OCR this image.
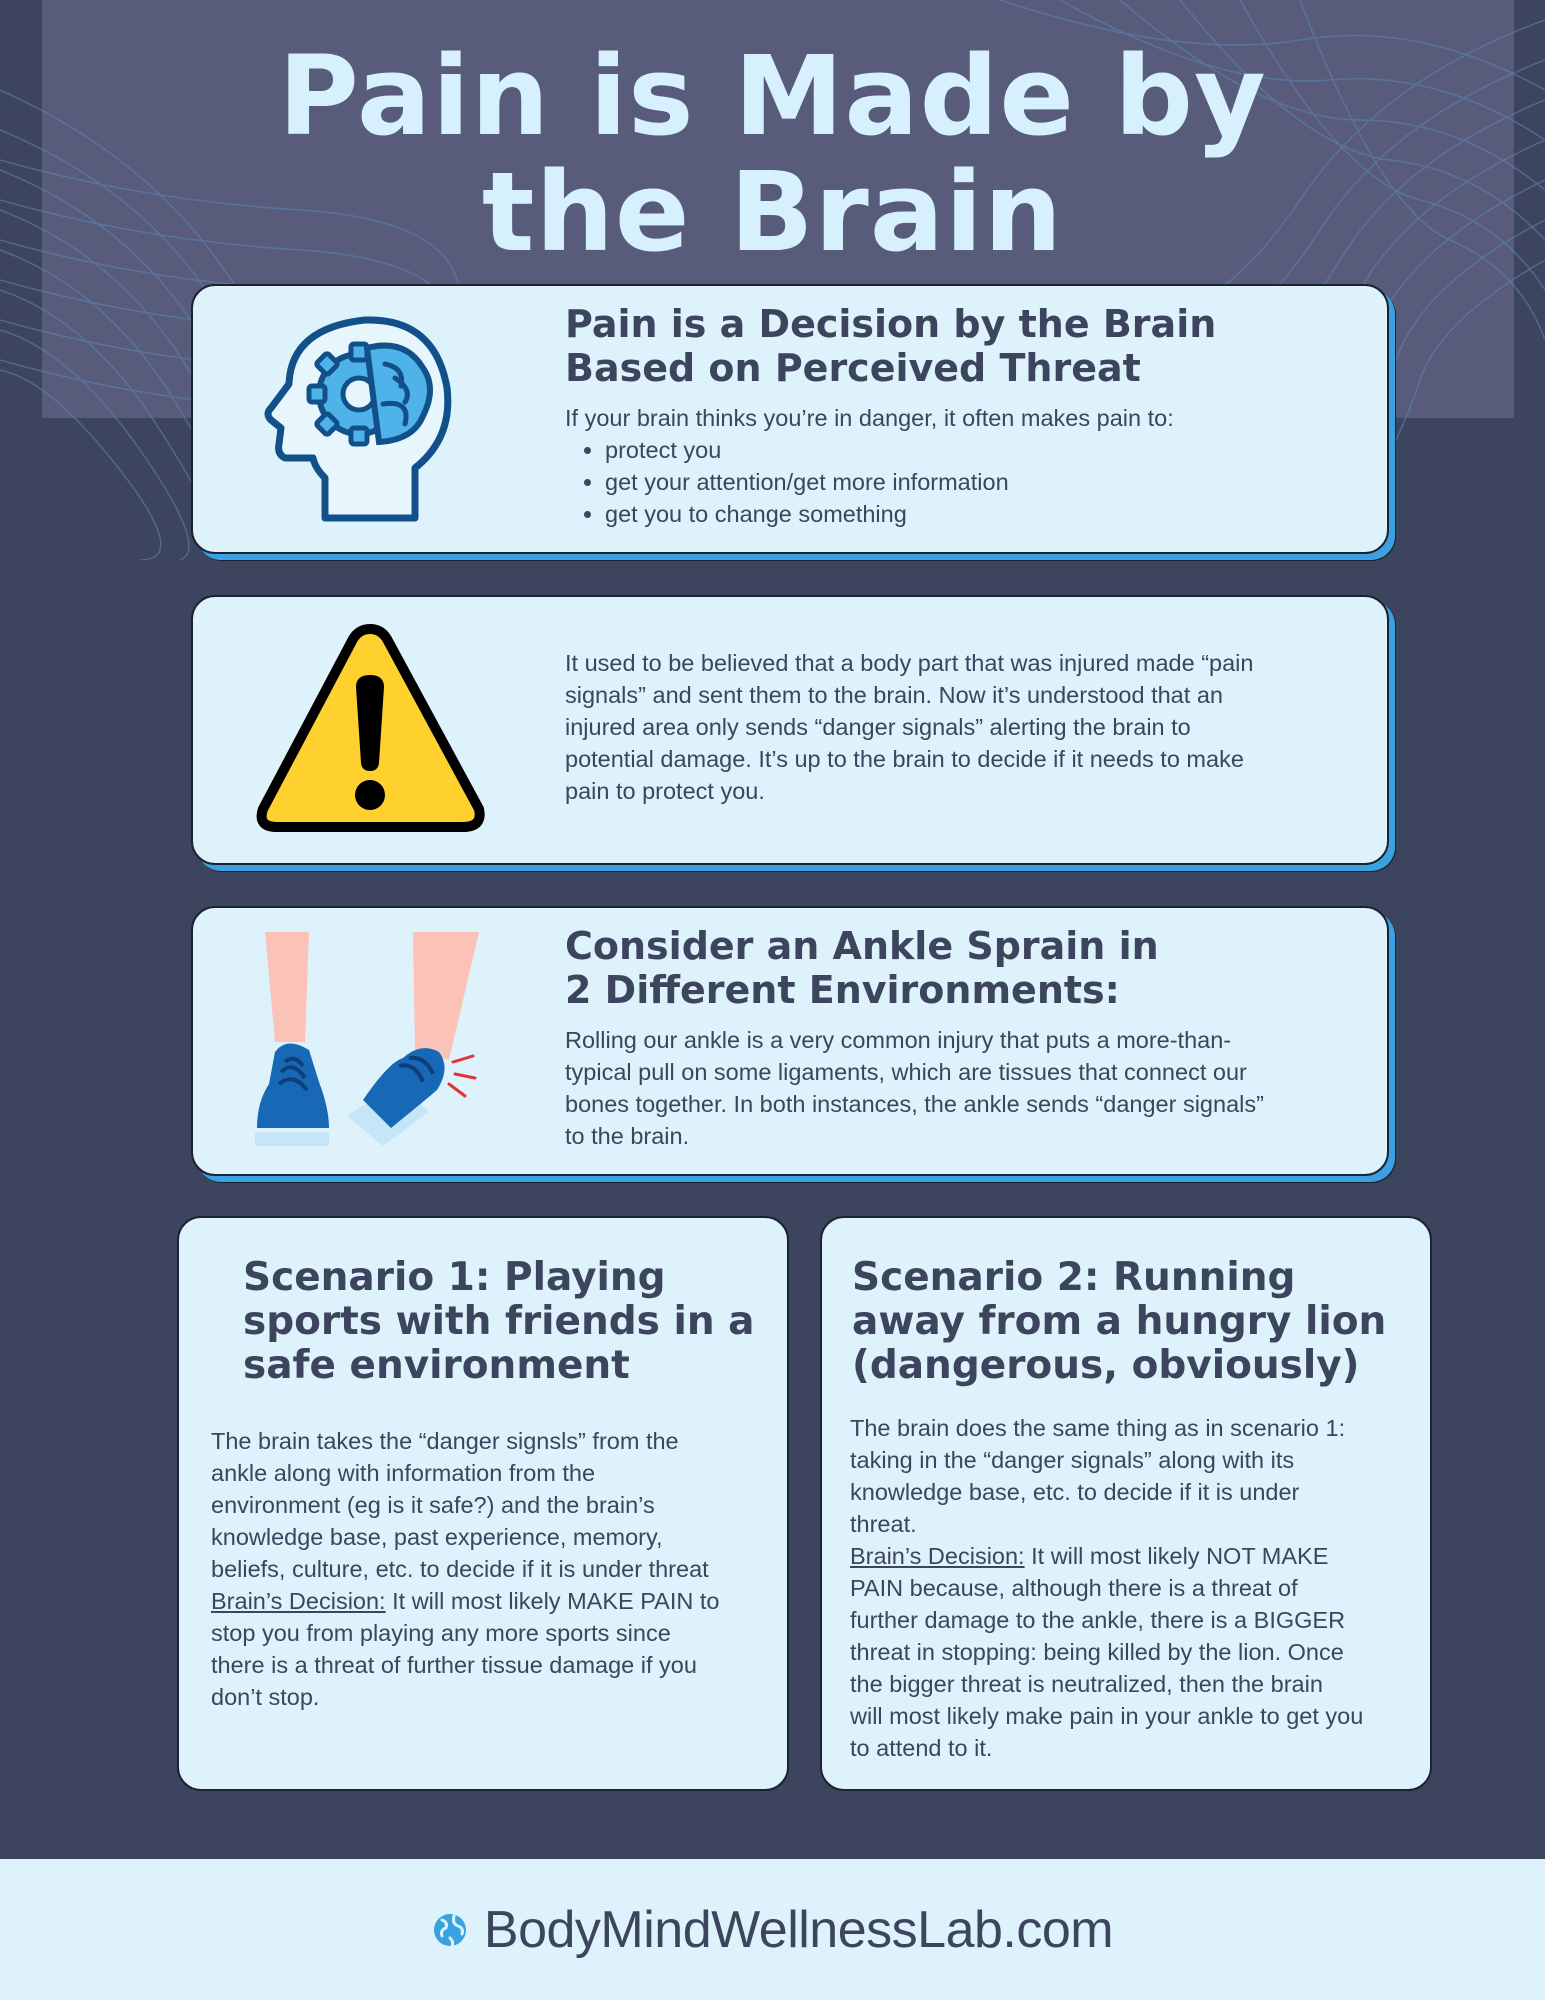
Pain is Made by
the Brain
Pain is a Decision by the Brain
Based on Perceived Threat
If your brain thinks you’re in danger, it often makes pain to:
• protect you
• get your attention/get more information
• get you to change something
It used to be believed that a body part that was injured made “pain
signals” and sent them to the brain. Now it’s understood that an
injured area only sends “danger signals” alerting the brain to
potential damage. It’s up to the brain to decide if it needs to make
pain to protect you.
Consider an Ankle Sprain in
2 Different Environments:
Rolling our ankle is a very common injury that puts a more-than-
typical pull on some ligaments, which are tissues that connect our
bones together. In both instances, the ankle sends “danger signals”
to the brain.
Scenario 1: Playing
sports with friends in a
safe environment
The brain takes the “danger signsls” from the
ankle along with information from the
environment (eg is it safe?) and the brain’s
knowledge base, past experience, memory,
beliefs, culture, etc. to decide if it is under threat
Brain’s Decision: It will most likely MAKE PAIN to
stop you from playing any more sports since
there is a threat of further tissue damage if you
don’t stop.
Scenario 2: Running
away from a hungry lion
(dangerous, obviously)
The brain does the same thing as in scenario 1:
taking in the “danger signals” along with its
knowledge base, etc. to decide if it is under
threat.
Brain’s Decision: It will most likely NOT MAKE
PAIN because, although there is a threat of
further damage to the ankle, there is a BIGGER
threat in stopping: being killed by the lion. Once
the bigger threat is neutralized, then the brain
will most likely make pain in your ankle to get you
to attend to it.
BodyMindWellnessLab.com
